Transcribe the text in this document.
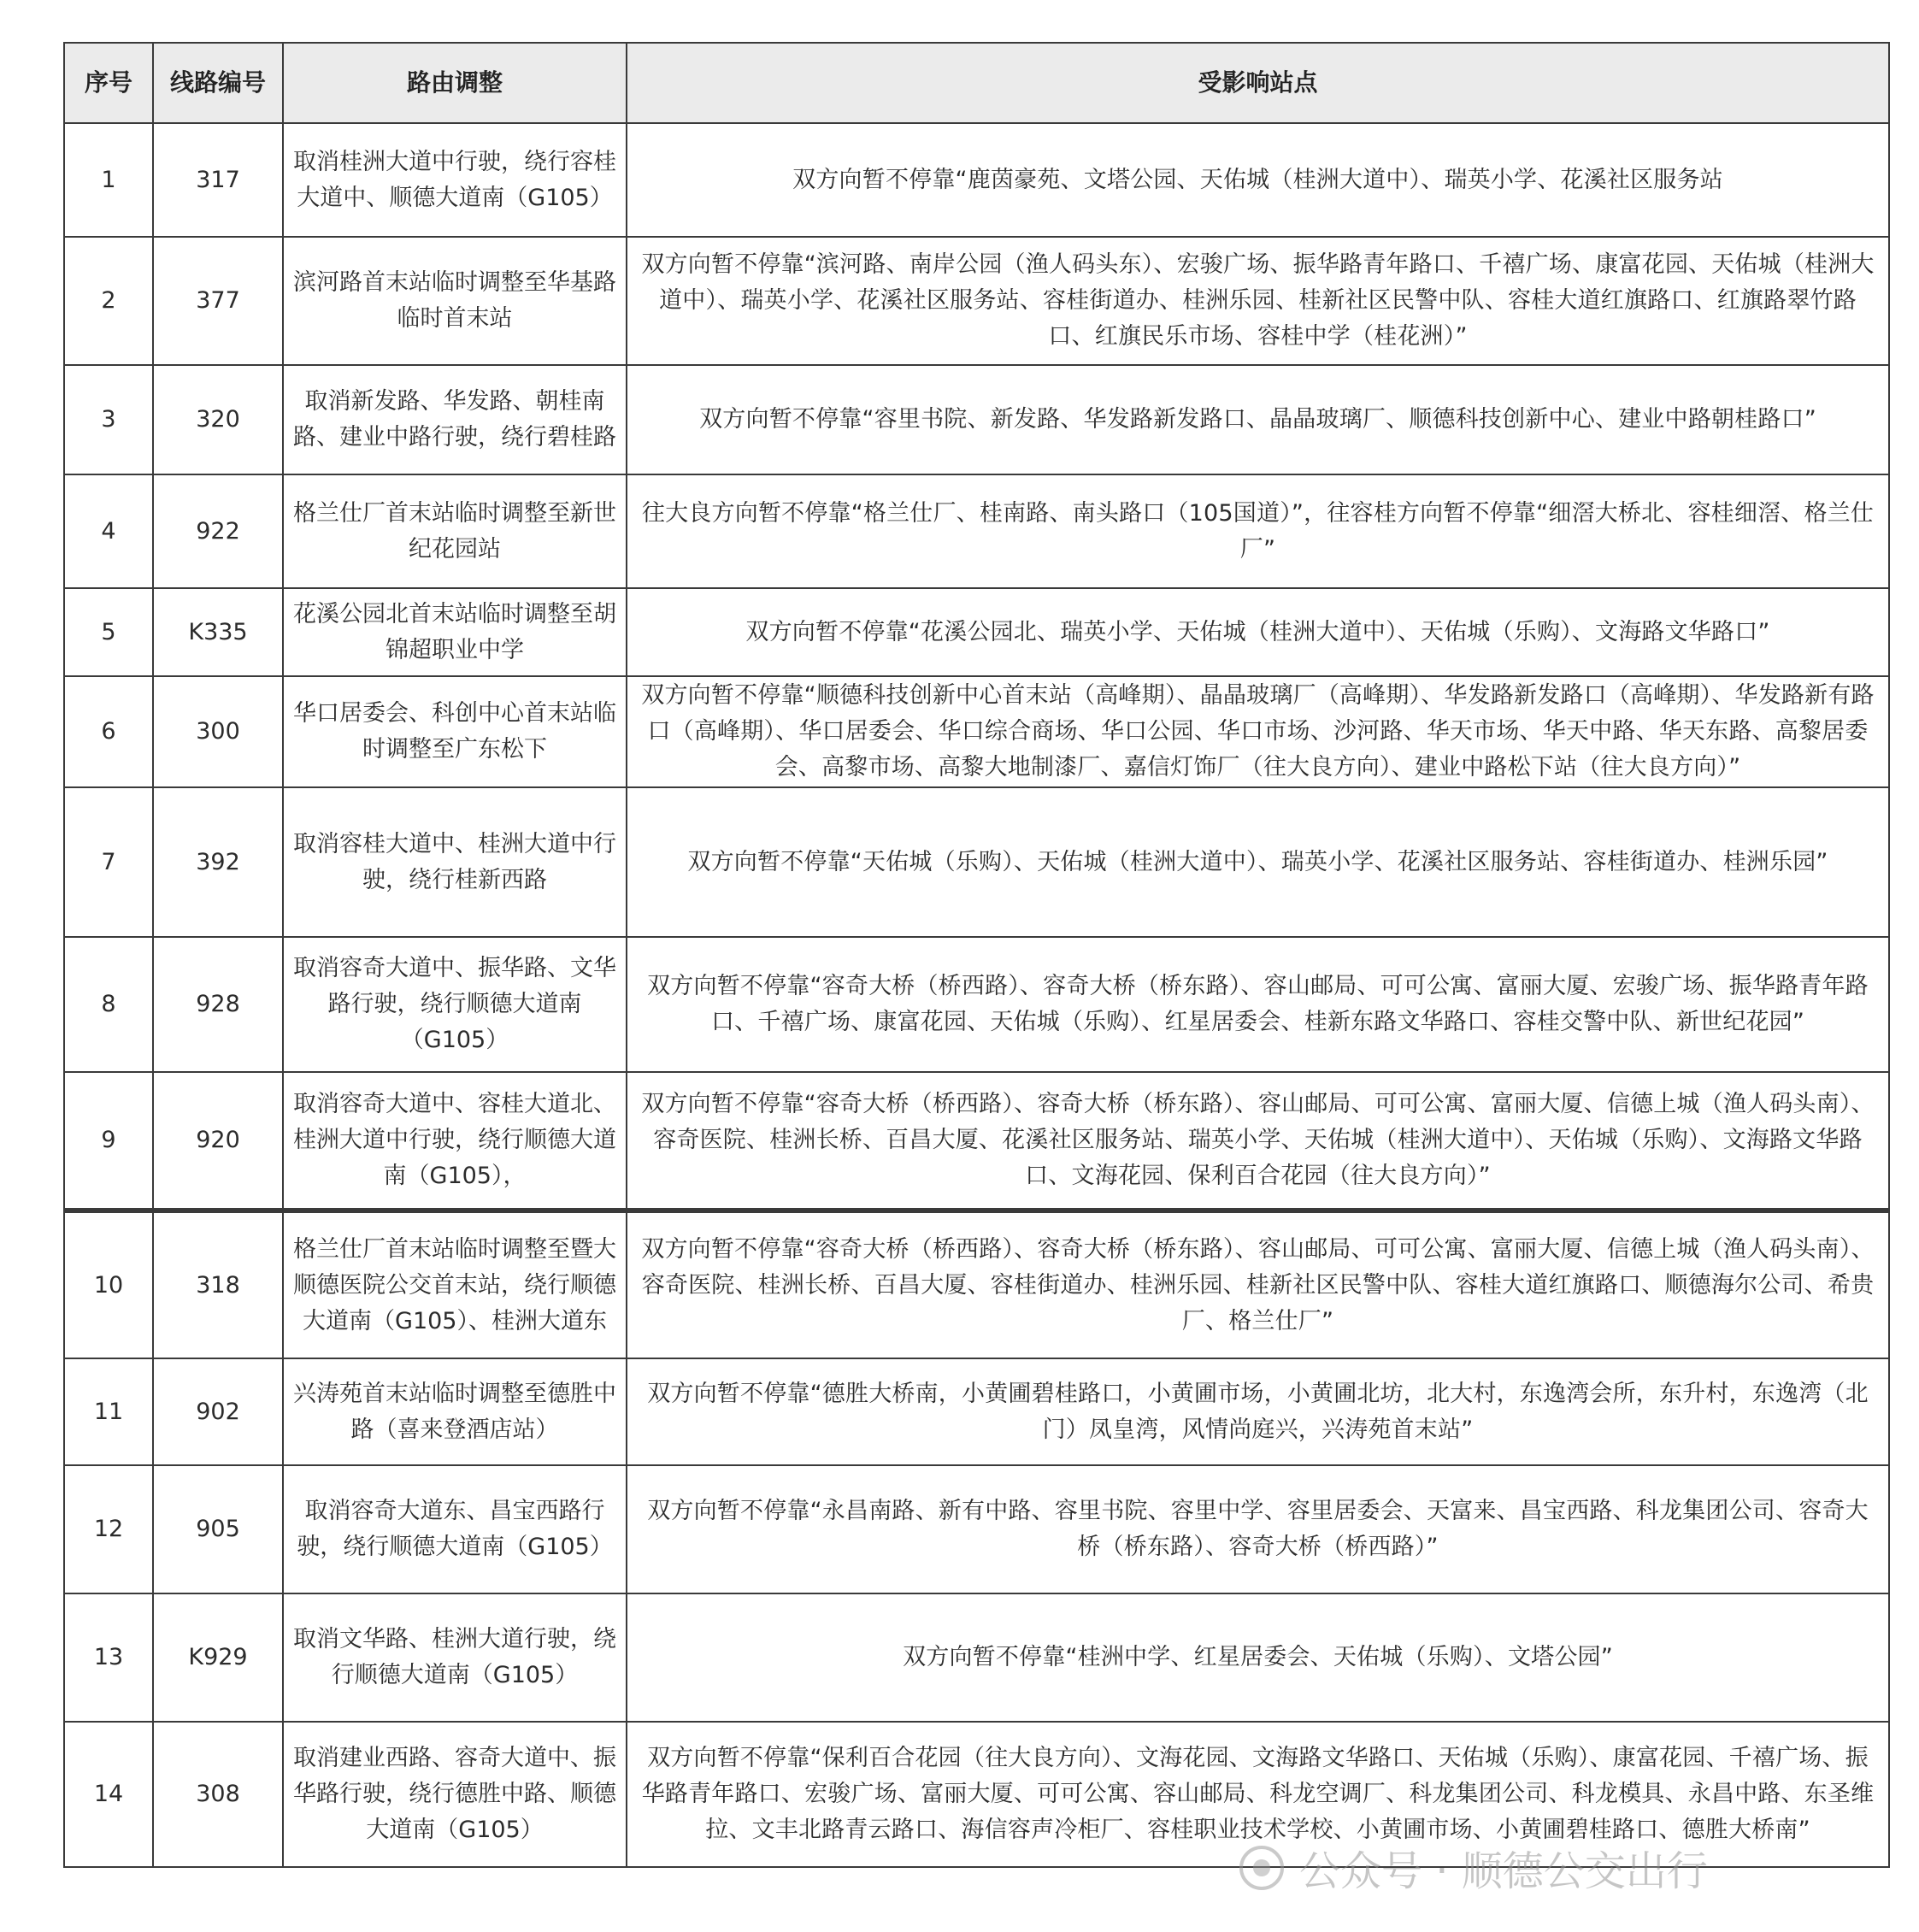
序号	线路编号	路由调整	受影响站点
1	317	取消桂洲大道中行驶，绕行容桂大道中、顺德大道南（G105）	双方向暂不停靠“鹿茵豪苑、文塔公园、天佑城（桂洲大道中）、瑞英小学、花溪社区服务站
2	377	滨河路首末站临时调整至华基路临时首末站	双方向暂不停靠“滨河路、南岸公园（渔人码头东）、宏骏广场、振华路青年路口、千禧广场、康富花园、天佑城（桂洲大道中）、瑞英小学、花溪社区服务站、容桂街道办、桂洲乐园、桂新社区民警中队、容桂大道红旗路口、红旗路翠竹路口、红旗民乐市场、容桂中学（桂花洲）”
3	320	取消新发路、华发路、朝桂南路、建业中路行驶，绕行碧桂路	双方向暂不停靠“容里书院、新发路、华发路新发路口、晶晶玻璃厂、顺德科技创新中心、建业中路朝桂路口”
4	922	格兰仕厂首末站临时调整至新世纪花园站	往大良方向暂不停靠“格兰仕厂、桂南路、南头路口（105国道）”，往容桂方向暂不停靠“细滘大桥北、容桂细滘、格兰仕厂”
5	K335	花溪公园北首末站临时调整至胡锦超职业中学	双方向暂不停靠“花溪公园北、瑞英小学、天佑城（桂洲大道中）、天佑城（乐购）、文海路文华路口”
6	300	华口居委会、科创中心首末站临时调整至广东松下	双方向暂不停靠“顺德科技创新中心首末站（高峰期）、晶晶玻璃厂（高峰期）、华发路新发路口（高峰期）、华发路新有路口（高峰期）、华口居委会、华口综合商场、华口公园、华口市场、沙河路、华天市场、华天中路、华天东路、高黎居委会、高黎市场、高黎大地制漆厂、嘉信灯饰厂（往大良方向）、建业中路松下站（往大良方向）”
7	392	取消容桂大道中、桂洲大道中行驶，绕行桂新西路	双方向暂不停靠“天佑城（乐购）、天佑城（桂洲大道中）、瑞英小学、花溪社区服务站、容桂街道办、桂洲乐园”
8	928	取消容奇大道中、振华路、文华路行驶，绕行顺德大道南（G105）	双方向暂不停靠“容奇大桥（桥西路）、容奇大桥（桥东路）、容山邮局、可可公寓、富丽大厦、宏骏广场、振华路青年路口、千禧广场、康富花园、天佑城（乐购）、红星居委会、桂新东路文华路口、容桂交警中队、新世纪花园”
9	920	取消容奇大道中、容桂大道北、桂洲大道中行驶，绕行顺德大道南（G105），	双方向暂不停靠“容奇大桥（桥西路）、容奇大桥（桥东路）、容山邮局、可可公寓、富丽大厦、信德上城（渔人码头南）、容奇医院、桂洲长桥、百昌大厦、花溪社区服务站、瑞英小学、天佑城（桂洲大道中）、天佑城（乐购）、文海路文华路口、文海花园、保利百合花园（往大良方向）”
10	318	格兰仕厂首末站临时调整至暨大顺德医院公交首末站，绕行顺德大道南（G105）、桂洲大道东	双方向暂不停靠“容奇大桥（桥西路）、容奇大桥（桥东路）、容山邮局、可可公寓、富丽大厦、信德上城（渔人码头南）、容奇医院、桂洲长桥、百昌大厦、容桂街道办、桂洲乐园、桂新社区民警中队、容桂大道红旗路口、顺德海尔公司、希贵厂、格兰仕厂”
11	902	兴涛苑首末站临时调整至德胜中路（喜来登酒店站）	双方向暂不停靠“德胜大桥南，小黄圃碧桂路口，小黄圃市场，小黄圃北坊，北大村，东逸湾会所，东升村，东逸湾（北门）凤皇湾，风情尚庭兴，兴涛苑首末站”
12	905	取消容奇大道东、昌宝西路行驶，绕行顺德大道南（G105）	双方向暂不停靠“永昌南路、新有中路、容里书院、容里中学、容里居委会、天富来、昌宝西路、科龙集团公司、容奇大桥（桥东路）、容奇大桥（桥西路）”
13	K929	取消文华路、桂洲大道行驶，绕行顺德大道南（G105）	双方向暂不停靠“桂洲中学、红星居委会、天佑城（乐购）、文塔公园”
14	308	取消建业西路、容奇大道中、振华路行驶，绕行德胜中路、顺德大道南（G105）	双方向暂不停靠“保利百合花园（往大良方向）、文海花园、文海路文华路口、天佑城（乐购）、康富花园、千禧广场、振华路青年路口、宏骏广场、富丽大厦、可可公寓、容山邮局、科龙空调厂、科龙集团公司、科龙模具、永昌中路、东圣维拉、文丰北路青云路口、海信容声冷柜厂、容桂职业技术学校、小黄圃市场、小黄圃碧桂路口、德胜大桥南”
公众号 · 顺德公交出行
